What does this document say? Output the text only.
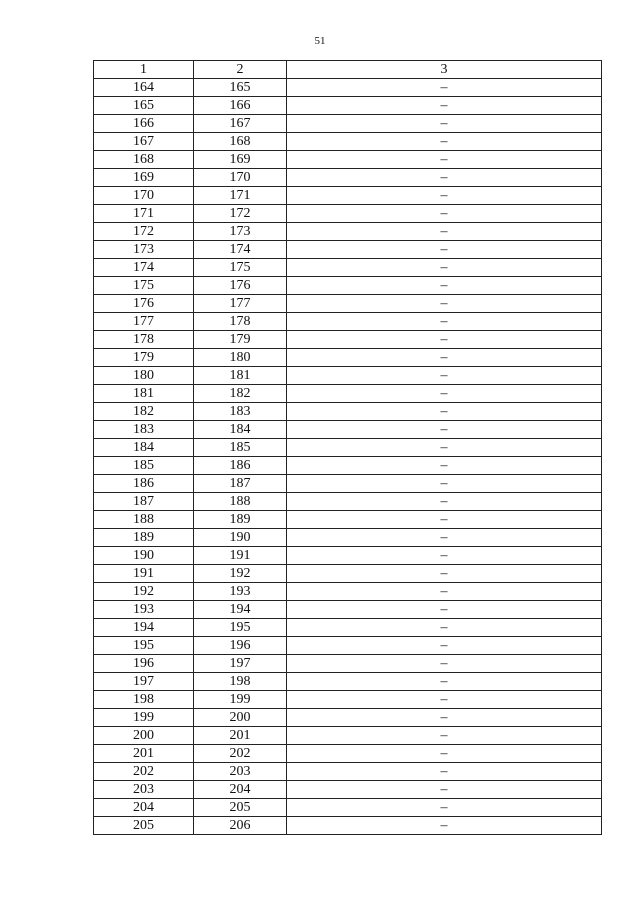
51
1	2	3
164	165	–
165	166	–
166	167	–
167	168	–
168	169	–
169	170	–
170	171	–
171	172	–
172	173	–
173	174	–
174	175	–
175	176	–
176	177	–
177	178	–
178	179	–
179	180	–
180	181	–
181	182	–
182	183	–
183	184	–
184	185	–
185	186	–
186	187	–
187	188	–
188	189	–
189	190	–
190	191	–
191	192	–
192	193	–
193	194	–
194	195	–
195	196	–
196	197	–
197	198	–
198	199	–
199	200	–
200	201	–
201	202	–
202	203	–
203	204	–
204	205	–
205	206	–
